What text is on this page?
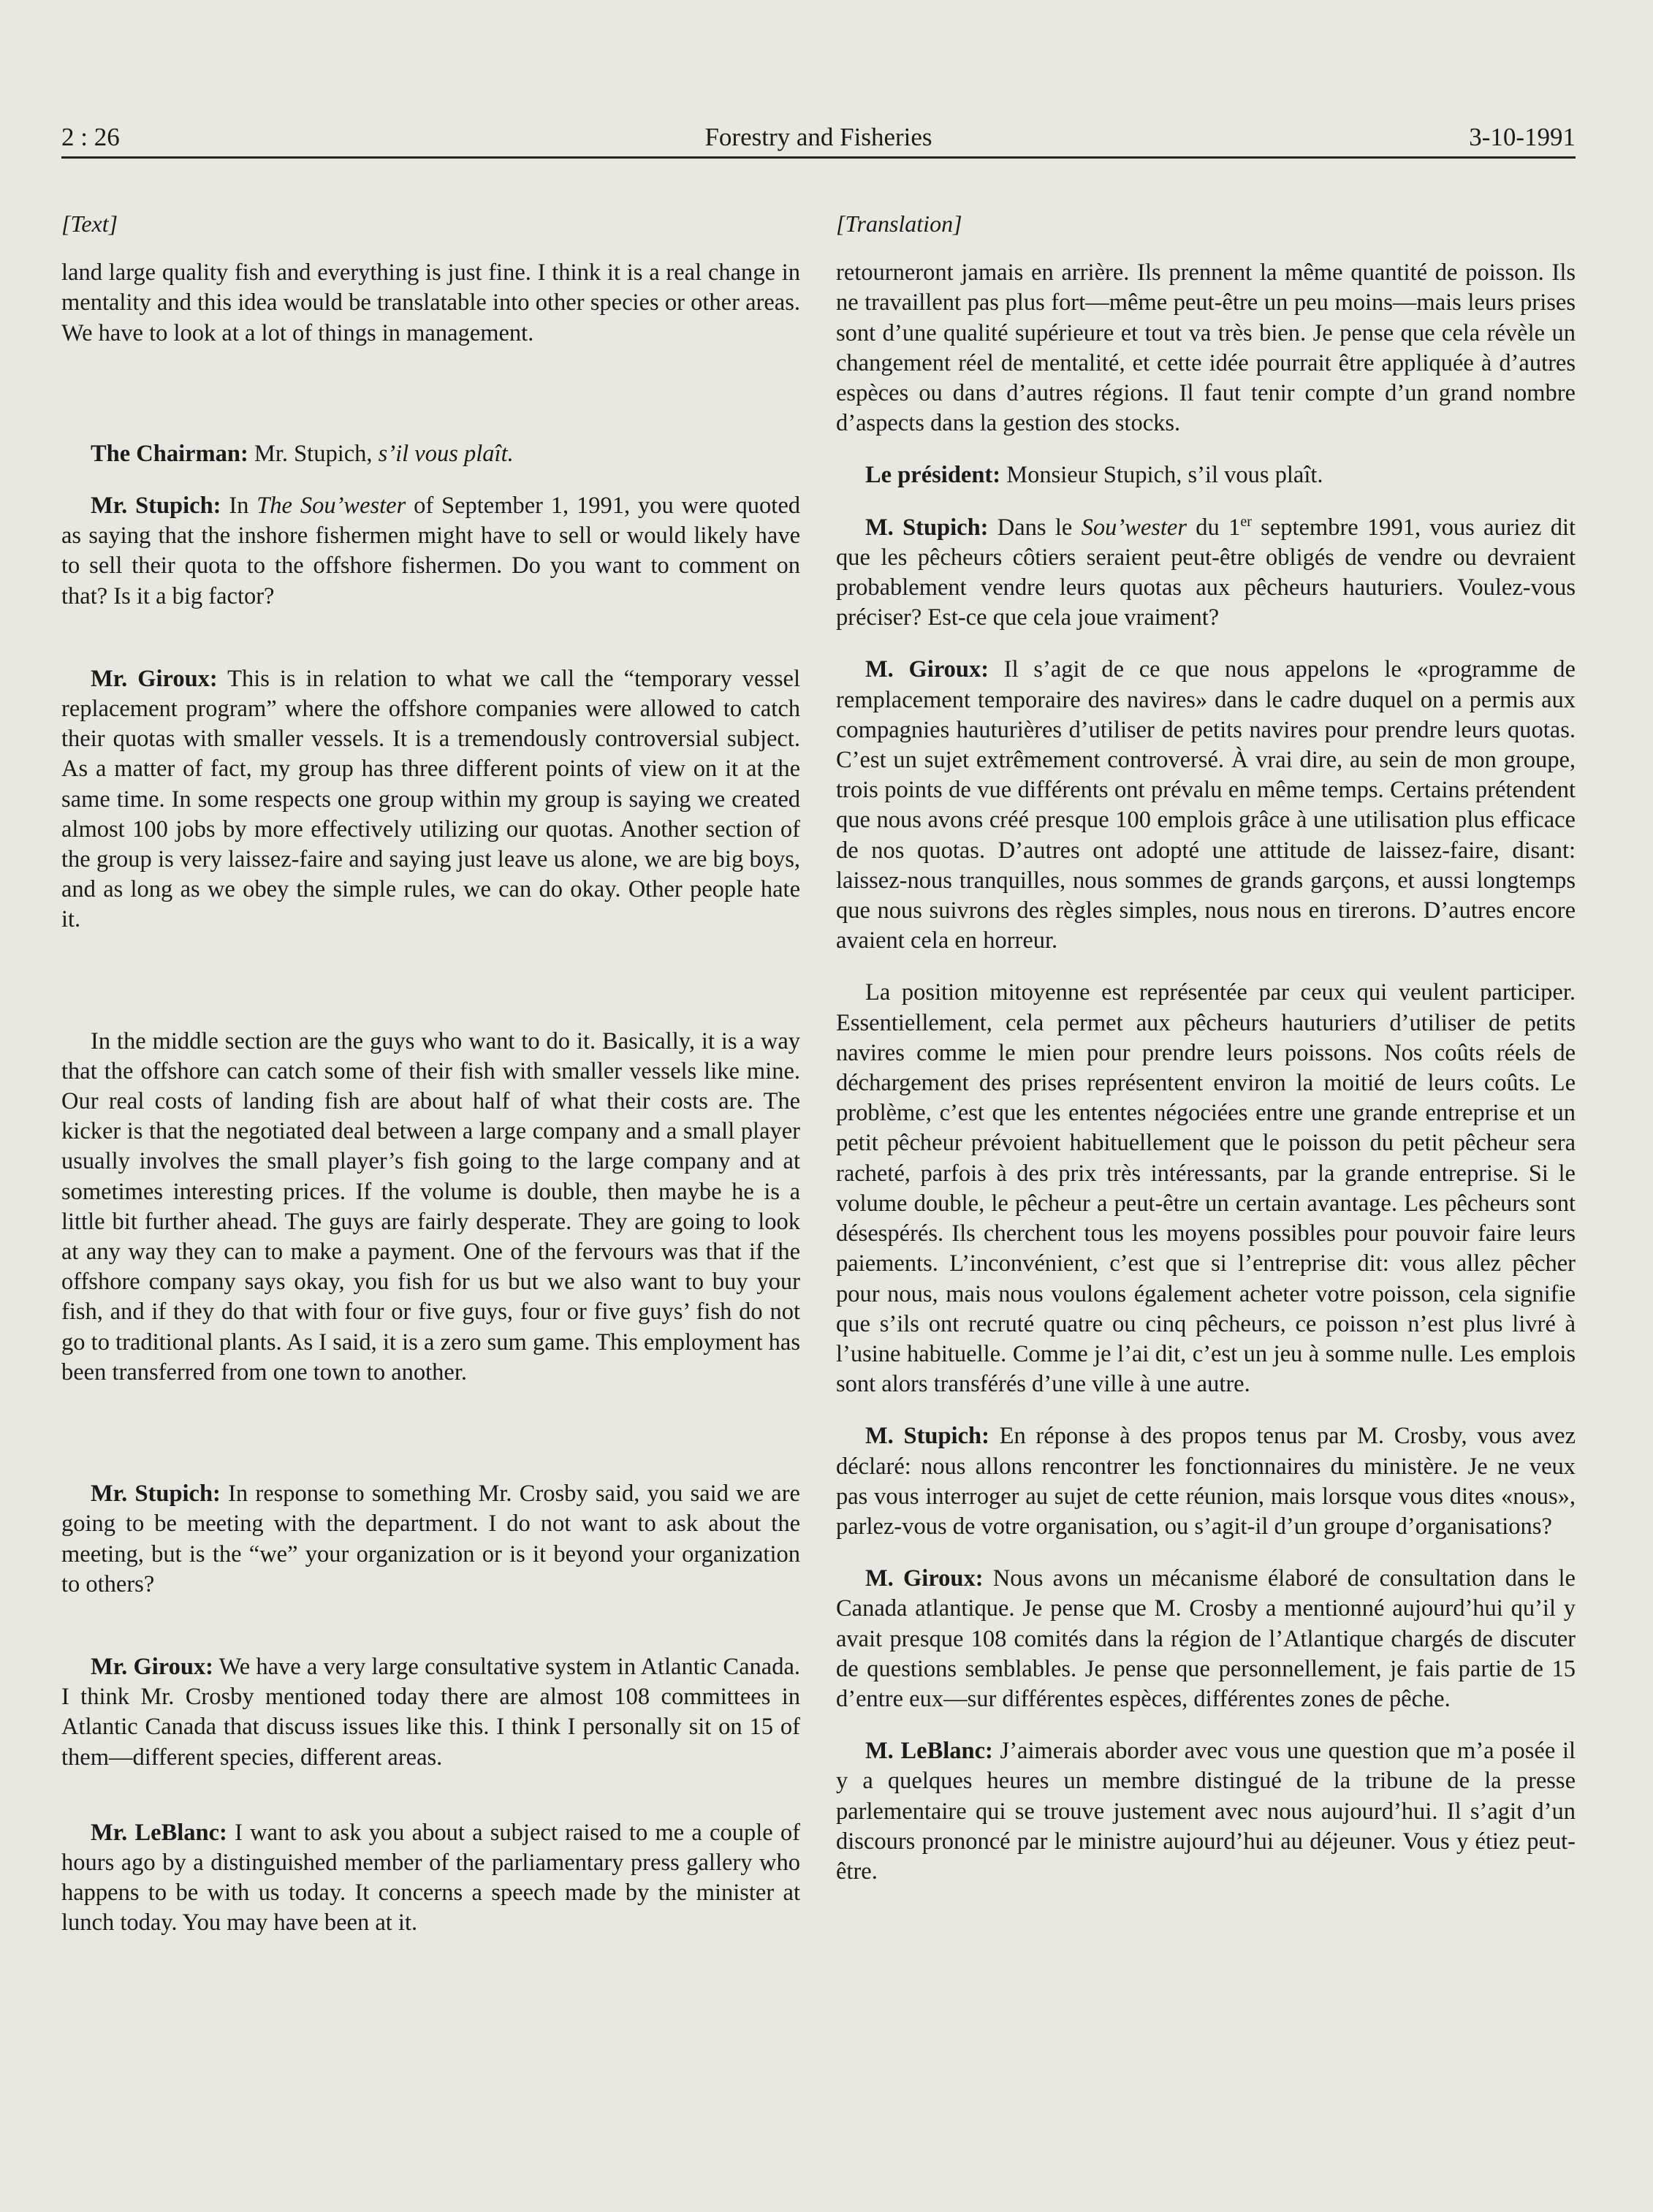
2 : 26	Forestry and Fisheries	3-10-1991
[Text]

land large quality fish and everything is just fine. I think it is a real change in mentality and this idea would be translatable into other species or other areas. We have to look at a lot of things in management.

The Chairman: Mr. Stupich, s’il vous plaît.

Mr. Stupich: In The Sou’wester of September 1, 1991, you were quoted as saying that the inshore fishermen might have to sell or would likely have to sell their quota to the offshore fishermen. Do you want to comment on that? Is it a big factor?

Mr. Giroux: This is in relation to what we call the “temporary vessel replacement program” where the offshore companies were allowed to catch their quotas with smaller vessels. It is a tremendously controversial subject. As a matter of fact, my group has three different points of view on it at the same time. In some respects one group within my group is saying we created almost 100 jobs by more effectively utilizing our quotas. Another section of the group is very laissez-faire and saying just leave us alone, we are big boys, and as long as we obey the simple rules, we can do okay. Other people hate it.

In the middle section are the guys who want to do it. Basically, it is a way that the offshore can catch some of their fish with smaller vessels like mine. Our real costs of landing fish are about half of what their costs are. The kicker is that the negotiated deal between a large company and a small player usually involves the small player’s fish going to the large company and at sometimes interesting prices. If the volume is double, then maybe he is a little bit further ahead. The guys are fairly desperate. They are going to look at any way they can to make a payment. One of the fervours was that if the offshore company says okay, you fish for us but we also want to buy your fish, and if they do that with four or five guys, four or five guys’ fish do not go to traditional plants. As I said, it is a zero sum game. This employment has been transferred from one town to another.

Mr. Stupich: In response to something Mr. Crosby said, you said we are going to be meeting with the department. I do not want to ask about the meeting, but is the “we” your organization or is it beyond your organization to others?

Mr. Giroux: We have a very large consultative system in Atlantic Canada. I think Mr. Crosby mentioned today there are almost 108 committees in Atlantic Canada that discuss issues like this. I think I personally sit on 15 of them—different species, different areas.

Mr. LeBlanc: I want to ask you about a subject raised to me a couple of hours ago by a distinguished member of the parliamentary press gallery who happens to be with us today. It concerns a speech made by the minister at lunch today. You may have been at it.

[Translation]

retourneront jamais en arrière. Ils prennent la même quantité de poisson. Ils ne travaillent pas plus fort—même peut-être un peu moins—mais leurs prises sont d’une qualité supérieure et tout va très bien. Je pense que cela révèle un changement réel de mentalité, et cette idée pourrait être appliquée à d’autres espèces ou dans d’autres régions. Il faut tenir compte d’un grand nombre d’aspects dans la gestion des stocks.

Le président: Monsieur Stupich, s’il vous plaît.

M. Stupich: Dans le Sou’wester du 1er septembre 1991, vous auriez dit que les pêcheurs côtiers seraient peut-être obligés de vendre ou devraient probablement vendre leurs quotas aux pêcheurs hauturiers. Voulez-vous préciser? Est-ce que cela joue vraiment?

M. Giroux: Il s’agit de ce que nous appelons le «programme de remplacement temporaire des navires» dans le cadre duquel on a permis aux compagnies hauturières d’utiliser de petits navires pour prendre leurs quotas. C’est un sujet extrêmement controversé. À vrai dire, au sein de mon groupe, trois points de vue différents ont prévalu en même temps. Certains prétendent que nous avons créé presque 100 emplois grâce à une utilisation plus efficace de nos quotas. D’autres ont adopté une attitude de laissez-faire, disant: laissez-nous tranquilles, nous sommes de grands garçons, et aussi longtemps que nous suivrons des règles simples, nous nous en tirerons. D’autres encore avaient cela en horreur.

La position mitoyenne est représentée par ceux qui veulent participer. Essentiellement, cela permet aux pêcheurs hauturiers d’utiliser de petits navires comme le mien pour prendre leurs poissons. Nos coûts réels de déchargement des prises représentent environ la moitié de leurs coûts. Le problème, c’est que les ententes négociées entre une grande entreprise et un petit pêcheur prévoient habituellement que le poisson du petit pêcheur sera racheté, parfois à des prix très intéressants, par la grande entreprise. Si le volume double, le pêcheur a peut-être un certain avantage. Les pêcheurs sont désespérés. Ils cherchent tous les moyens possibles pour pouvoir faire leurs paiements. L’inconvénient, c’est que si l’entreprise dit: vous allez pêcher pour nous, mais nous voulons également acheter votre poisson, cela signifie que s’ils ont recruté quatre ou cinq pêcheurs, ce poisson n’est plus livré à l’usine habituelle. Comme je l’ai dit, c’est un jeu à somme nulle. Les emplois sont alors transférés d’une ville à une autre.

M. Stupich: En réponse à des propos tenus par M. Crosby, vous avez déclaré: nous allons rencontrer les fonctionnaires du ministère. Je ne veux pas vous interroger au sujet de cette réunion, mais lorsque vous dites «nous», parlez-vous de votre organisation, ou s’agit-il d’un groupe d’organisations?

M. Giroux: Nous avons un mécanisme élaboré de consultation dans le Canada atlantique. Je pense que M. Crosby a mentionné aujourd’hui qu’il y avait presque 108 comités dans la région de l’Atlantique chargés de discuter de questions semblables. Je pense que personnellement, je fais partie de 15 d’entre eux—sur différentes espèces, différentes zones de pêche.

M. LeBlanc: J’aimerais aborder avec vous une question que m’a posée il y a quelques heures un membre distingué de la tribune de la presse parlementaire qui se trouve justement avec nous aujourd’hui. Il s’agit d’un discours prononcé par le ministre aujourd’hui au déjeuner. Vous y étiez peut-être.
